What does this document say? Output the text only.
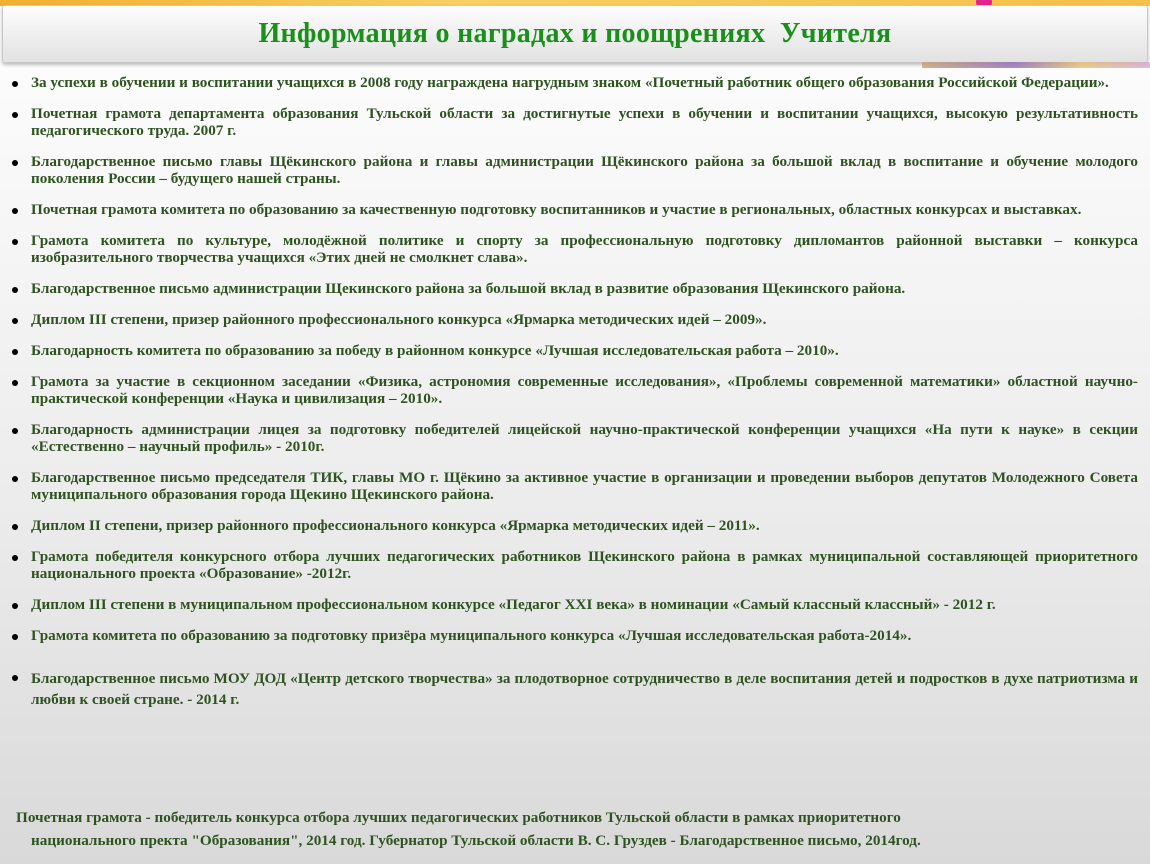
Информация о наградах и поощрениях  Учителя
За успехи в обучении и воспитании учащихся в 2008 году награждена нагрудным знаком «Почетный работник общего образования Российской Федерации».
Почетная грамота департамента образования Тульской области за достигнутые успехи в обучении и воспитании учащихся, высокую результативность педагогического труда. 2007 г.
Благодарственное письмо главы Щёкинского района и главы администрации Щёкинского района за большой вклад в воспитание и обучение молодого поколения России – будущего нашей страны.
Почетная грамота комитета по образованию за качественную подготовку воспитанников и участие в региональных, областных конкурсах и выставках.
Грамота комитета по культуре, молодёжной политике и спорту за профессиональную подготовку дипломантов районной выставки – конкурса изобразительного творчества учащихся «Этих дней не смолкнет слава».
Благодарственное письмо администрации Щекинского района за большой вклад в развитие образования Щекинского района.
Диплом III степени, призер районного профессионального конкурса «Ярмарка методических идей – 2009».
Благодарность комитета по образованию за победу в районном конкурсе «Лучшая исследовательская работа – 2010».
Грамота за участие в секционном заседании «Физика, астрономия современные исследования», «Проблемы современной математики» областной научно-практической конференции «Наука и цивилизация – 2010».
Благодарность администрации лицея за подготовку победителей лицейской научно-практической конференции учащихся «На пути к науке» в секции «Естественно – научный профиль» - 2010г.
Благодарственное письмо председателя ТИК, главы МО г. Щёкино за активное участие в организации и проведении выборов депутатов Молодежного Совета муниципального образования города Щекино Щекинского района.
Диплом II степени, призер районного профессионального конкурса «Ярмарка методических идей – 2011».
Грамота победителя конкурсного отбора лучших педагогических работников Щекинского района в рамках муниципальной составляющей приоритетного национального проекта «Образование» -2012г.
Диплом III степени в муниципальном профессиональном конкурсе «Педагог XXI века» в номинации «Самый классный классный» - 2012 г.
Грамота комитета по образованию за подготовку призёра муниципального конкурса «Лучшая исследовательская работа-2014».
Благодарственное письмо МОУ ДОД «Центр детского творчества» за плодотворное сотрудничество в деле воспитания детей и подростков в духе патриотизма и любви к своей стране. - 2014 г.

Почетная грамота - победитель конкурса отбора лучших педагогических работников Тульской области в рамках приоритетного
национального пректа "Образования", 2014 год. Губернатор Тульской области В. С. Груздев - Благодарственное письмо, 2014год.
